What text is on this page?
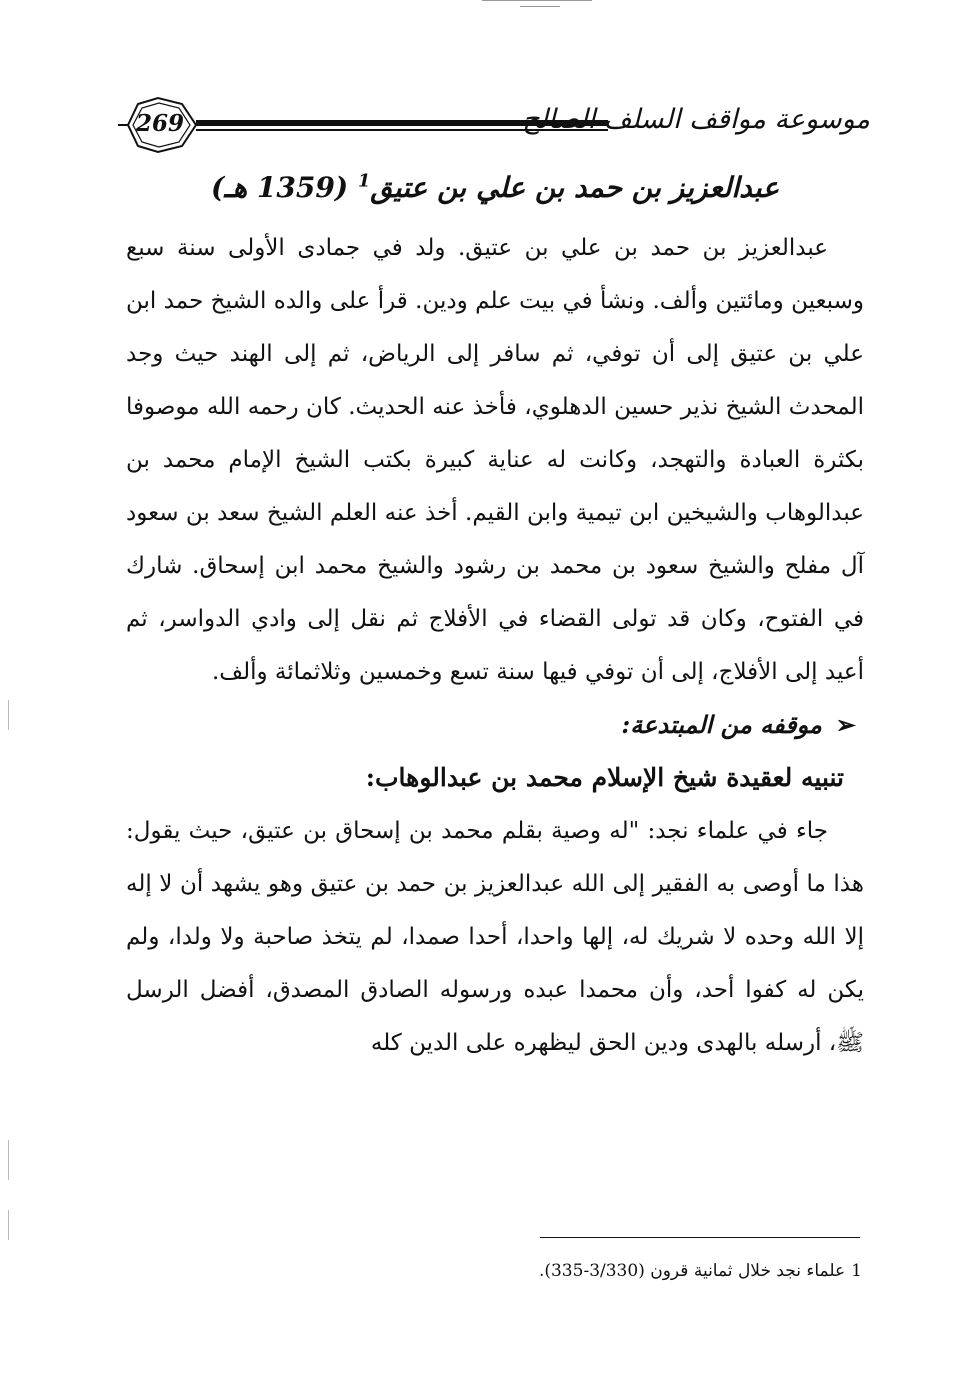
269	موسوعة مواقف السلف الصالح
عبدالعزيز بن حمد بن علي بن عتيق$^1$ (1359 هـ)

عبدالعزيز بن حمد بن علي بن عتيق. ولد في جمادى الأولى سنة سبع وسبعين ومائتين وألف. ونشأ في بيت علم ودين. قرأ على والده الشيخ حمد ابن علي بن عتيق إلى أن توفي، ثم سافر إلى الرياض، ثم إلى الهند حيث وجد المحدث الشيخ نذير حسين الدهلوي، فأخذ عنه الحديث. كان رحمه الله موصوفا بكثرة العبادة والتهجد، وكانت له عناية كبيرة بكتب الشيخ الإمام محمد بن عبدالوهاب والشيخين ابن تيمية وابن القيم. أخذ عنه العلم الشيخ سعد بن سعود آل مفلح والشيخ سعود بن محمد بن رشود والشيخ محمد ابن إسحاق. شارك في الفتوح، وكان قد تولى القضاء في الأفلاج ثم نقل إلى وادي الدواسر، ثم أعيد إلى الأفلاج، إلى أن توفي فيها سنة تسع وخمسين وثلاثمائة وألف.

➢موقفه من المبتدعة:
تنبيه لعقيدة شيخ الإسلام محمد بن عبدالوهاب:

جاء في علماء نجد: "له وصية بقلم محمد بن إسحاق بن عتيق، حيث يقول: هذا ما أوصى به الفقير إلى الله عبدالعزيز بن حمد بن عتيق وهو يشهد أن لا إله إلا الله وحده لا شريك له، إلها واحدا، أحدا صمدا، لم يتخذ صاحبة ولا ولدا، ولم يكن له كفوا أحد، وأن محمدا عبده ورسوله الصادق المصدق، أفضل الرسل ﷺ، أرسله بالهدى ودين الحق ليظهره على الدين كله

1علماء نجد خلال ثمانية قرون (3/330-335).
